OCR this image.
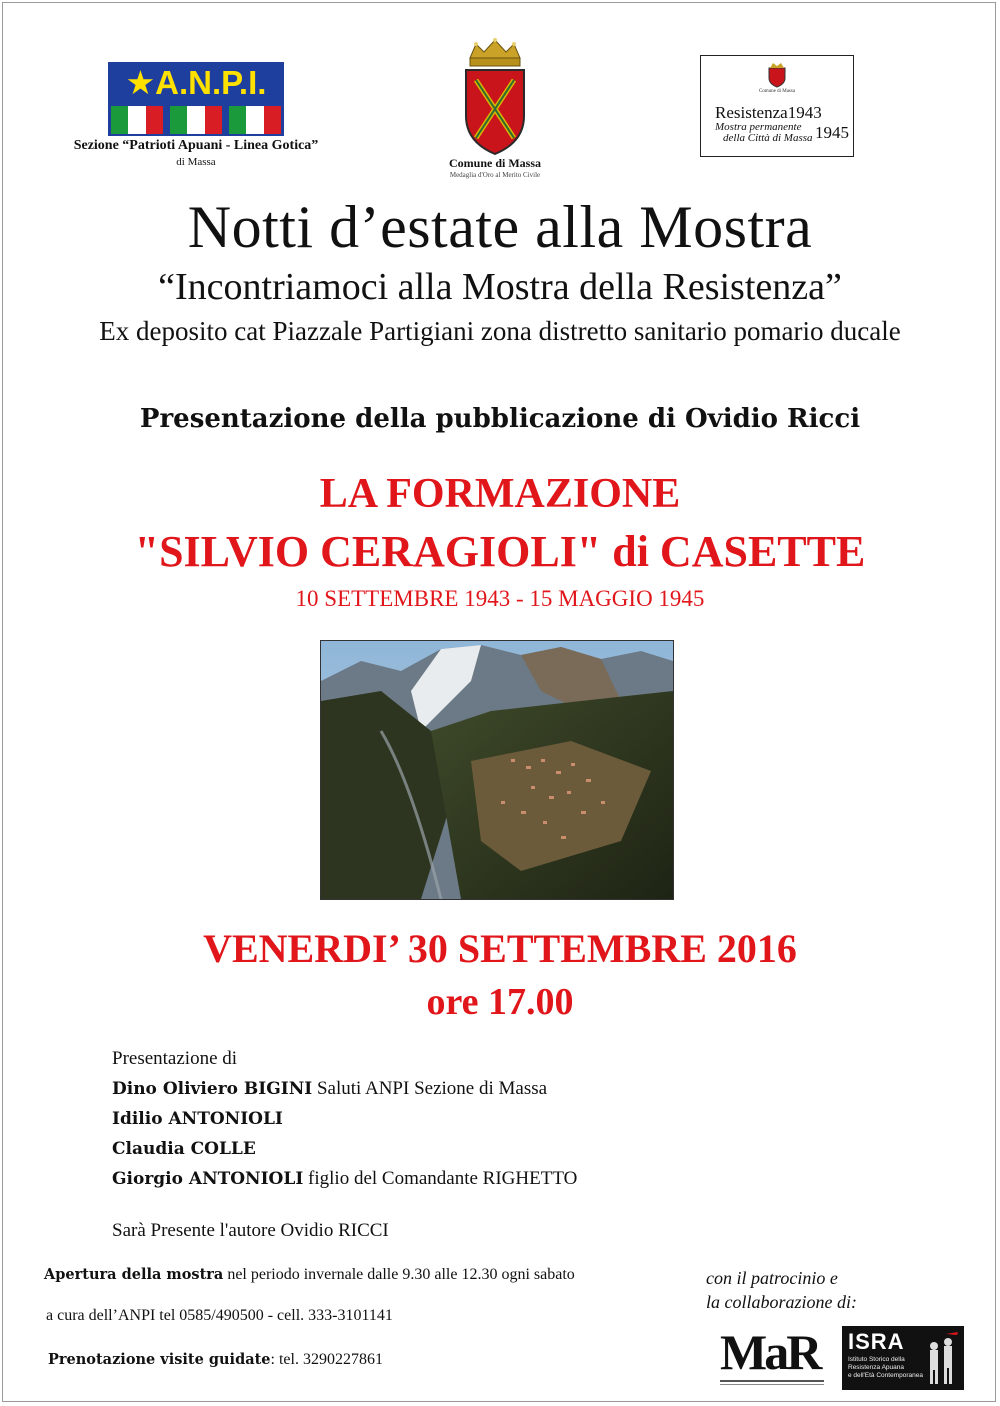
★A.N.P.I.
Sezione “Patrioti Apuani - Linea Gotica”
di Massa	Comune di Massa
Medaglia d'Oro al Merito Civile
Comune di Massa
Resistenza1943
Mostra permanente
della Città di Massa 1945
Notti d’estate alla Mostra
“Incontriamoci alla Mostra della Resistenza”
Ex deposito cat Piazzale Partigiani zona distretto sanitario pomario ducale
Presentazione della pubblicazione di Ovidio Ricci
LA FORMAZIONE
"SILVIO CERAGIOLI" di CASETTE
10 SETTEMBRE 1943 - 15 MAGGIO 1945
VENERDI’ 30 SETTEMBRE 2016
ore 17.00
Presentazione di
Dino Oliviero BIGINI Saluti ANPI Sezione di Massa
Idilio ANTONIOLI
Claudia COLLE
Giorgio ANTONIOLI figlio del Comandante RIGHETTO
Sarà Presente l'autore Ovidio RICCI
Apertura della mostra nel periodo invernale dalle 9.30 alle 12.30 ogni sabato
a cura dell’ANPI tel 0585/490500 - cell. 333-3101141
Prenotazione visite guidate: tel. 3290227861
con il patrocinio e
la collaborazione di:
MaR ISRA
Istituto Storico della
Resistenza Apuana
e dell'Età Contemporanea
